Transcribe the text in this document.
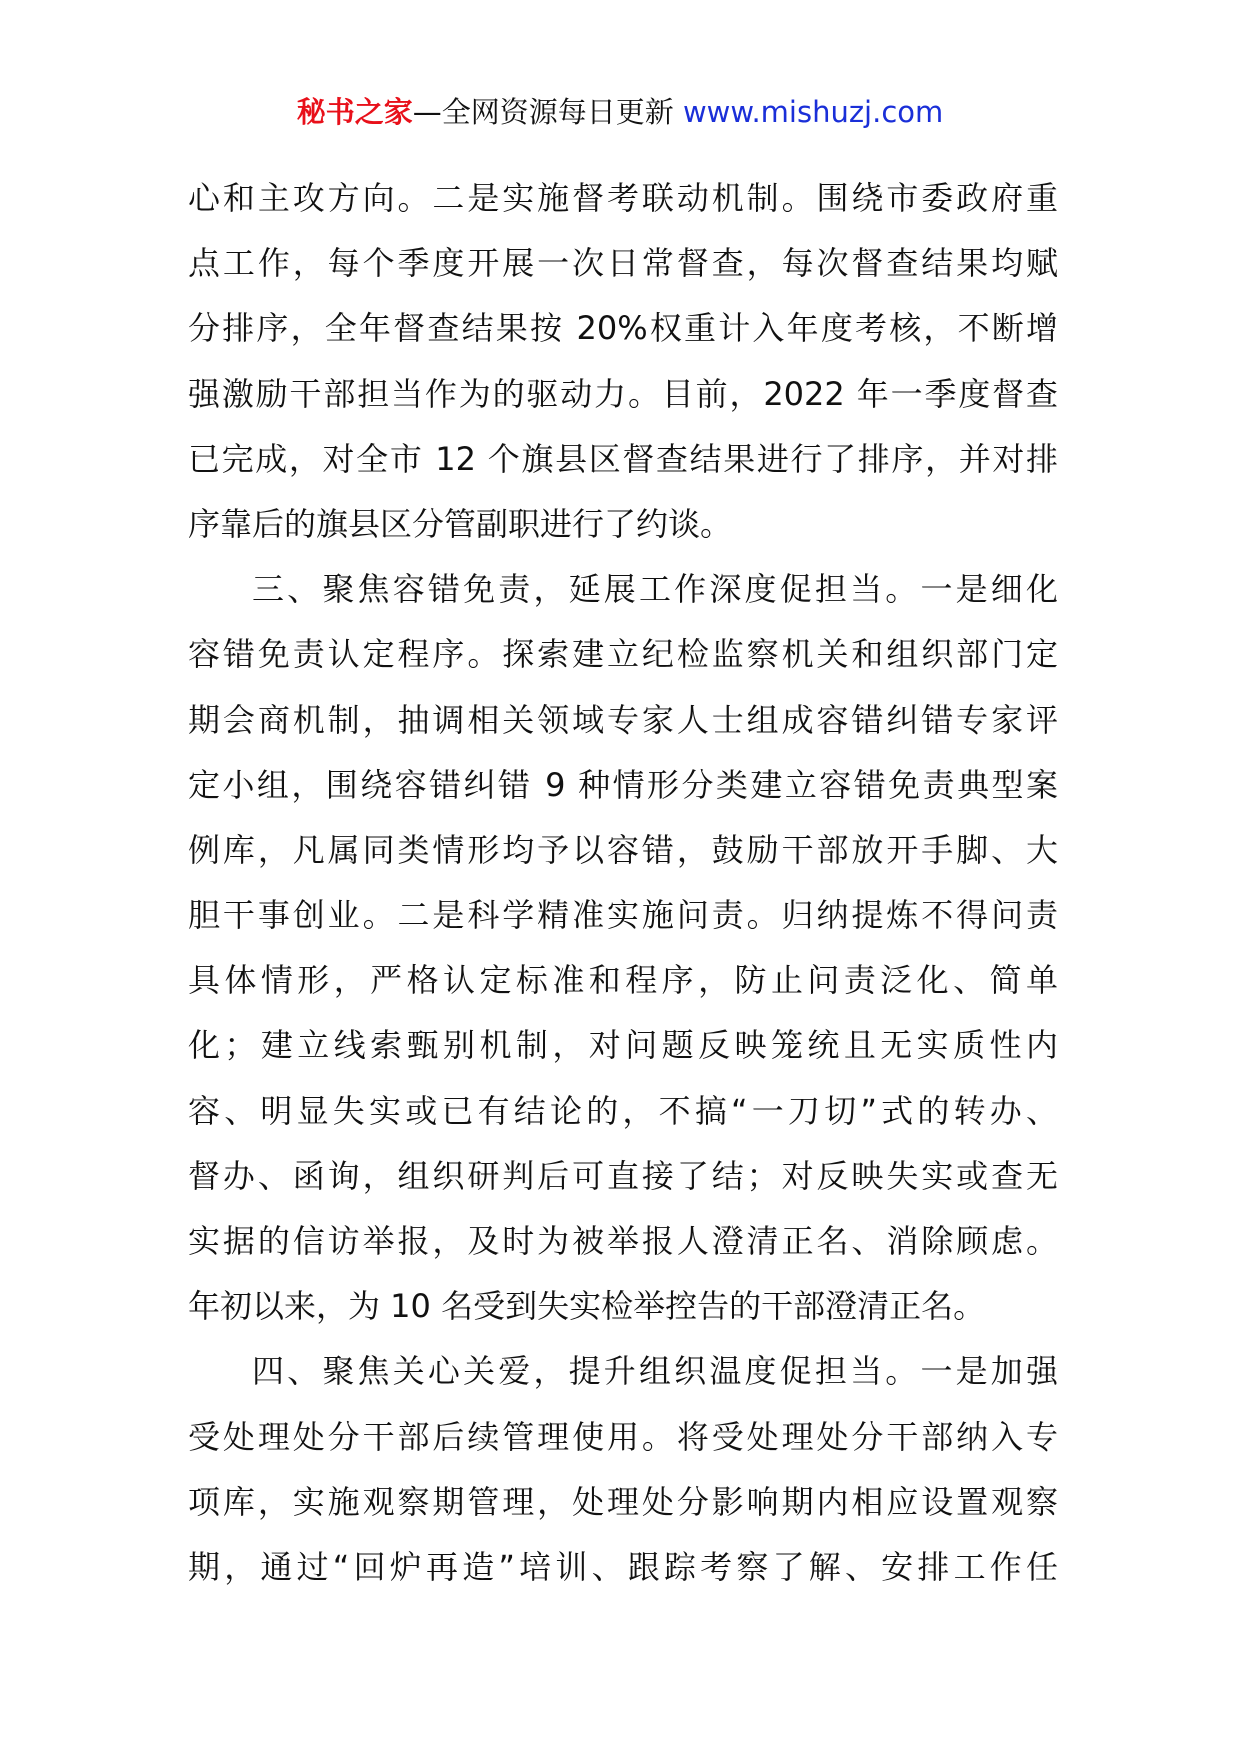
秘书之家—全网资源每日更新 www.mishuzj.com
心和主攻方向。二是实施督考联动机制。围绕市委政府重
点工作，每个季度开展一次日常督查，每次督查结果均赋
分排序，全年督查结果按 20%权重计入年度考核，不断增
强激励干部担当作为的驱动力。目前，2022 年一季度督查
已完成，对全市 12 个旗县区督查结果进行了排序，并对排
序靠后的旗县区分管副职进行了约谈。
三、聚焦容错免责，延展工作深度促担当。一是细化
容错免责认定程序。探索建立纪检监察机关和组织部门定
期会商机制，抽调相关领域专家人士组成容错纠错专家评
定小组，围绕容错纠错 9 种情形分类建立容错免责典型案
例库，凡属同类情形均予以容错，鼓励干部放开手脚、大
胆干事创业。二是科学精准实施问责。归纳提炼不得问责
具体情形，严格认定标准和程序，防止问责泛化、简单
化；建立线索甄别机制，对问题反映笼统且无实质性内
容、明显失实或已有结论的，不搞“一刀切”式的转办、
督办、函询，组织研判后可直接了结；对反映失实或查无
实据的信访举报，及时为被举报人澄清正名、消除顾虑。
年初以来，为 10 名受到失实检举控告的干部澄清正名。
四、聚焦关心关爱，提升组织温度促担当。一是加强
受处理处分干部后续管理使用。将受处理处分干部纳入专
项库，实施观察期管理，处理处分影响期内相应设置观察
期，通过“回炉再造”培训、跟踪考察了解、安排工作任
